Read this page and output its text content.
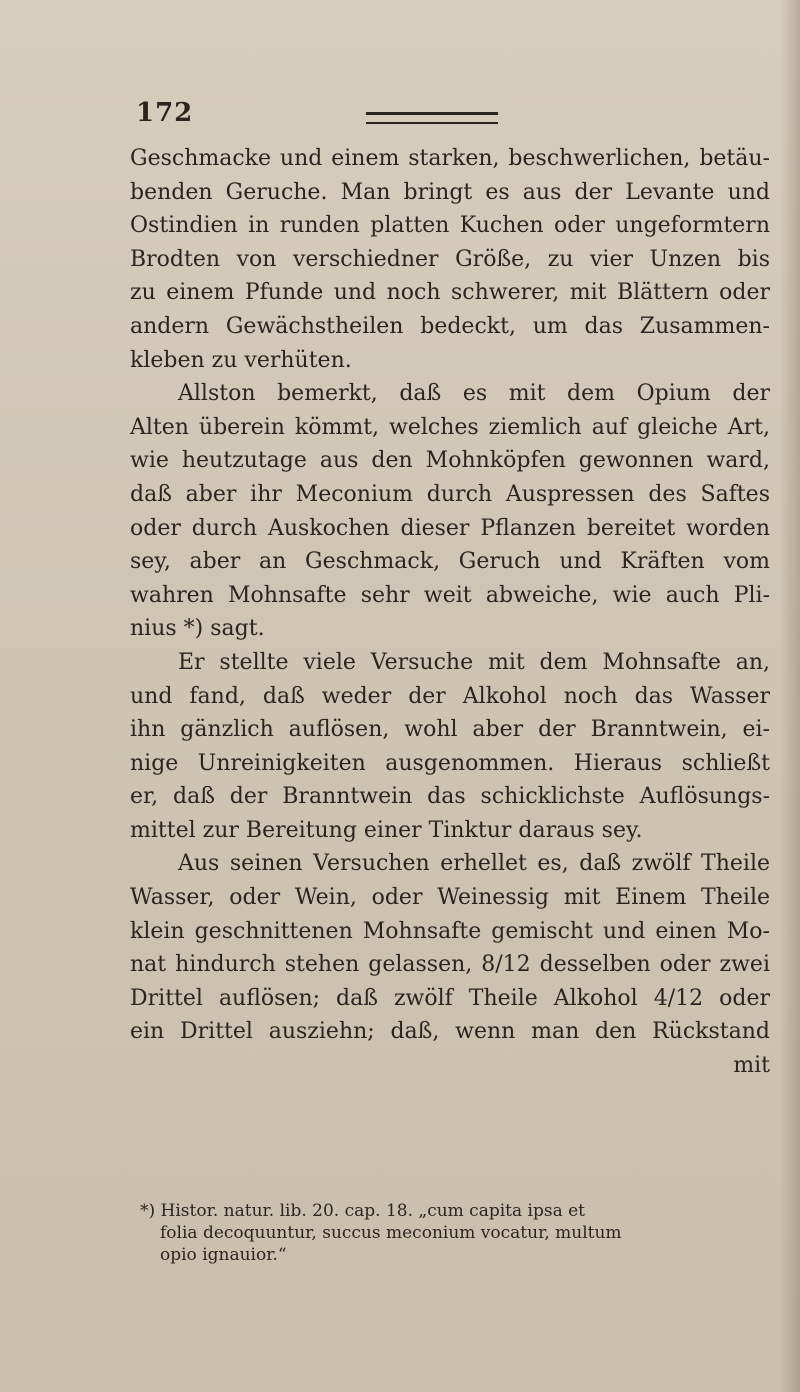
172

Geschmacke und einem starken, beschwerlichen, betäu-
benden Geruche. Man bringt es aus der Levante und
Ostindien in runden platten Kuchen oder ungeformtern
Brodten von verschiedner Größe, zu vier Unzen bis
zu einem Pfunde und noch schwerer, mit Blättern oder
andern Gewächstheilen bedeckt, um das Zusammen-
kleben zu verhüten.

Allston bemerkt, daß es mit dem Opium der
Alten überein kömmt, welches ziemlich auf gleiche Art,
wie heutzutage aus den Mohnköpfen gewonnen ward,
daß aber ihr Meconium durch Auspressen des Saftes
oder durch Auskochen dieser Pflanzen bereitet worden
sey, aber an Geschmack, Geruch und Kräften vom
wahren Mohnsafte sehr weit abweiche, wie auch Pli-
nius *) sagt.

Er stellte viele Versuche mit dem Mohnsafte an,
und fand, daß weder der Alkohol noch das Wasser
ihn gänzlich auflösen, wohl aber der Branntwein, ei-
nige Unreinigkeiten ausgenommen. Hieraus schließt
er, daß der Branntwein das schicklichste Auflösungs-
mittel zur Bereitung einer Tinktur daraus sey.

Aus seinen Versuchen erhellet es, daß zwölf Theile
Wasser, oder Wein, oder Weinessig mit Einem Theile
klein geschnittenen Mohnsafte gemischt und einen Mo-
nat hindurch stehen gelassen, 8/12 desselben oder zwei
Drittel auflösen; daß zwölf Theile Alkohol 4/12 oder
ein Drittel ausziehn; daß, wenn man den Rückstand
mit

*) Histor. natur. lib. 20. cap. 18. „cum capita ipsa et
folia decoquuntur, succus meconium vocatur, multum
opio ignauior.“
